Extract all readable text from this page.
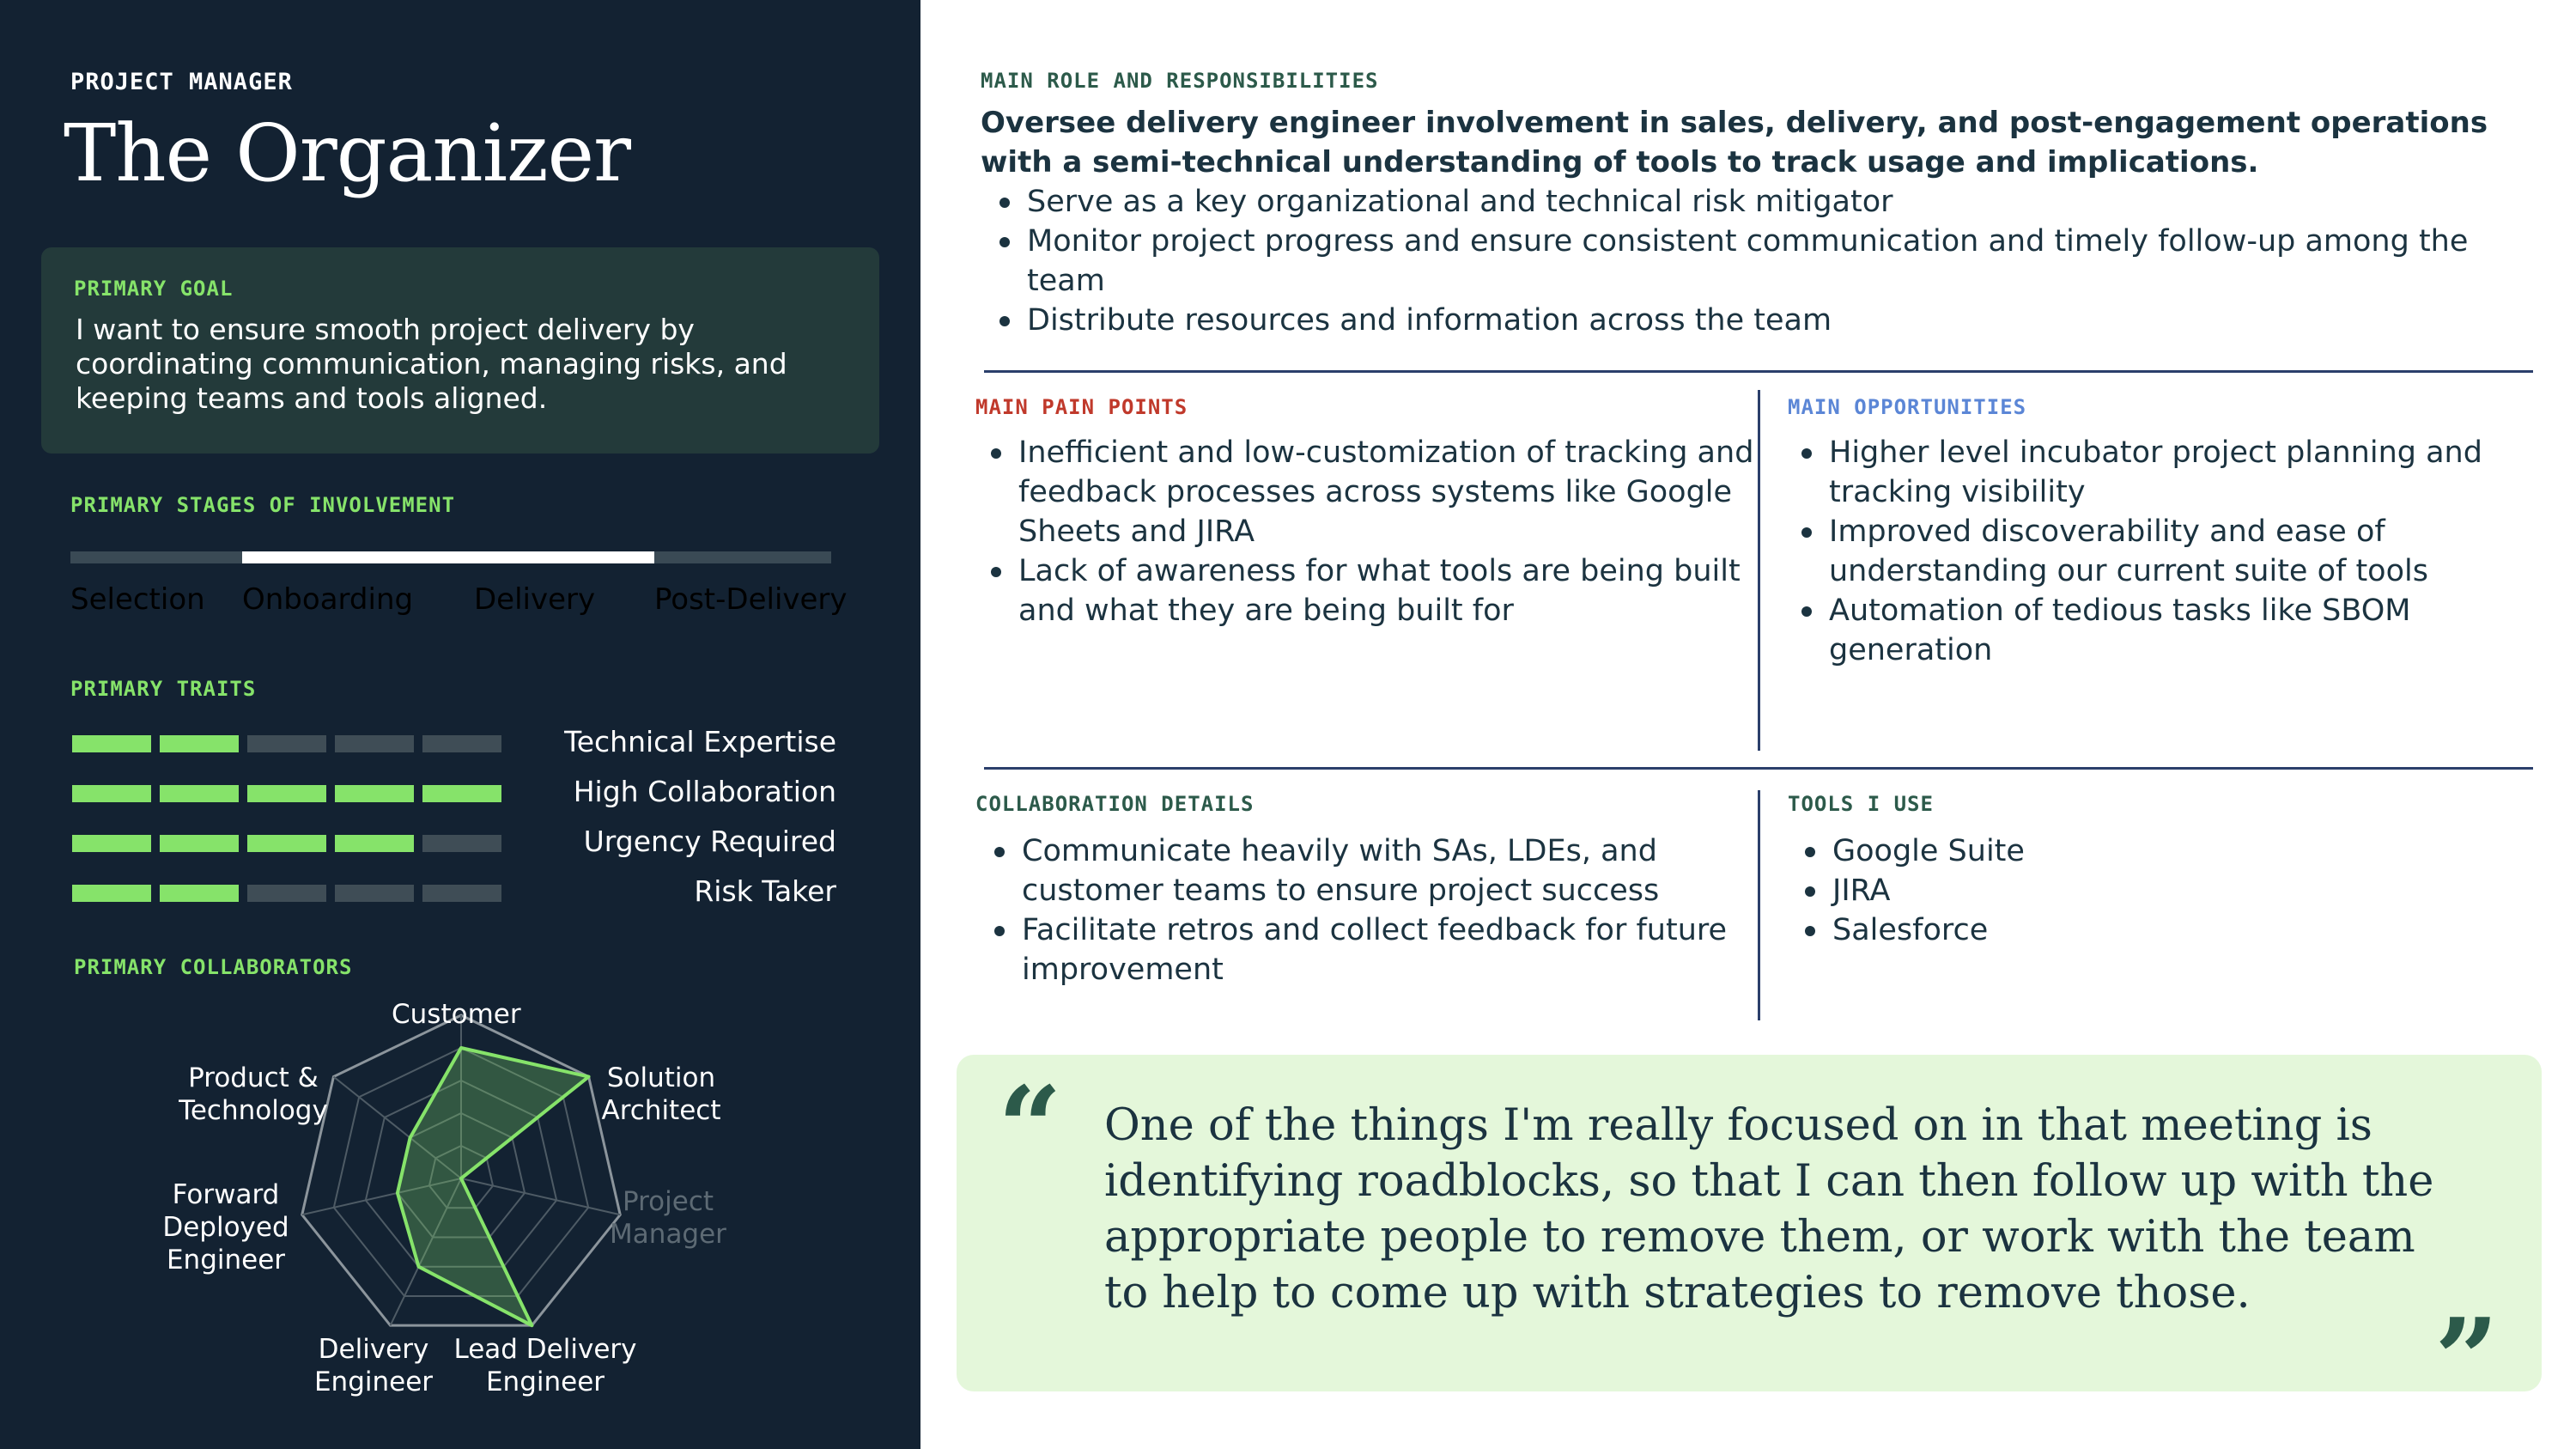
PROJECT MANAGER
The Organizer
PRIMARY GOAL
I want to ensure smooth project delivery by coordinating communication, managing risks, and keeping teams and tools aligned.
PRIMARY STAGES OF INVOLVEMENT
Selection Onboarding Delivery Post-Delivery
PRIMARY TRAITS
Technical Expertise
High Collaboration
Urgency Required
Risk Taker
PRIMARY COLLABORATORS
Customer
Solution
Architect
Project
Manager
Lead Delivery
Engineer
Delivery
Engineer
Forward
Deployed
Engineer
Product &
Technology
MAIN ROLE AND RESPONSIBILITIES
Oversee delivery engineer involvement in sales, delivery, and post-engagement operations with a semi-technical understanding of tools to track usage and implications.
Serve as a key organizational and technical risk mitigator
Monitor project progress and ensure consistent communication and timely follow-up among the team
Distribute resources and information across the team
MAIN PAIN POINTS
Inefficient and low-customization of tracking and feedback processes across systems like Google Sheets and JIRA
Lack of awareness for what tools are being built and what they are being built for
MAIN OPPORTUNITIES
Higher level incubator project planning and tracking visibility
Improved discoverability and ease of understanding our current suite of tools
Automation of tedious tasks like SBOM generation
COLLABORATION DETAILS
Communicate heavily with SAs, LDEs, and customer teams to ensure project success
Facilitate retros and collect feedback for future improvement
TOOLS I USE
Google Suite
JIRA
Salesforce
“ One of the things I'm really focused on in that meeting is identifying roadblocks, so that I can then follow up with the appropriate people to remove them, or work with the team to help to come up with strategies to remove those.
”
